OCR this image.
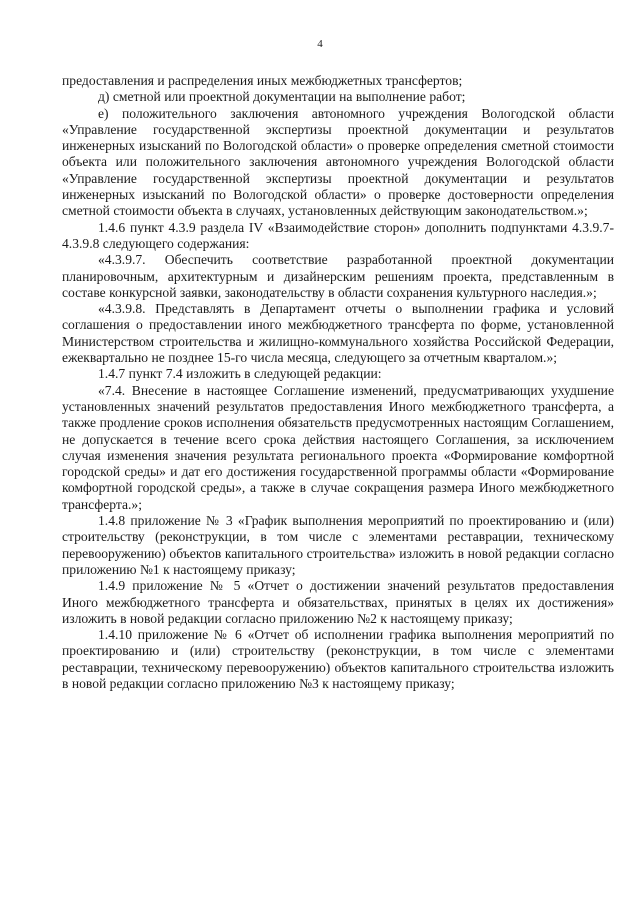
4

предоставления и распределения иных межбюджетных трансфертов;

д) сметной или проектной документации на выполнение работ;

е) положительного заключения автономного учреждения Вологодской области «Управление государственной экспертизы проектной документации и результатов инженерных изысканий по Вологодской области» о проверке определения сметной стоимости объекта или положительного заключения автономного учреждения Вологодской области «Управление государственной экспертизы проектной документации и результатов инженерных изысканий по Вологодской области» о проверке достоверности определения сметной стоимости объекта в случаях, установленных действующим законодательством.»;

1.4.6 пункт 4.3.9 раздела IV «Взаимодействие сторон» дополнить подпунктами 4.3.9.7-4.3.9.8 следующего содержания:

«4.3.9.7. Обеспечить соответствие разработанной проектной документации планировочным, архитектурным и дизайнерским решениям проекта, представленным в составе конкурсной заявки, законодательству в области сохранения культурного наследия.»;

«4.3.9.8. Представлять в Департамент отчеты о выполнении графика и условий соглашения о предоставлении иного межбюджетного трансферта по форме, установленной Министерством строительства и жилищно-коммунального хозяйства Российской Федерации, ежеквартально не позднее 15-го числа месяца, следующего за отчетным кварталом.»;

1.4.7 пункт 7.4 изложить в следующей редакции:

«7.4. Внесение в настоящее Соглашение изменений, предусматривающих ухудшение установленных значений результатов предоставления Иного межбюджетного трансферта, а также продление сроков исполнения обязательств предусмотренных настоящим Соглашением, не допускается в течение всего срока действия настоящего Соглашения, за исключением случая изменения значения результата регионального проекта «Формирование комфортной городской среды» и дат его достижения государственной программы области «Формирование комфортной городской среды», а также в случае сокращения размера Иного межбюджетного трансферта.»;

1.4.8 приложение № 3 «График выполнения мероприятий по проектированию и (или) строительству (реконструкции, в том числе с элементами реставрации, техническому перевооружению) объектов капитального строительства» изложить в новой редакции согласно приложению №1 к настоящему приказу;

1.4.9 приложение № 5 «Отчет о достижении значений результатов предоставления Иного межбюджетного трансферта и обязательствах, принятых в целях их достижения» изложить в новой редакции согласно приложению №2 к настоящему приказу;

1.4.10 приложение № 6 «Отчет об исполнении графика выполнения мероприятий по проектированию и (или) строительству (реконструкции, в том числе с элементами реставрации, техническому перевооружению) объектов капитального строительства изложить в новой редакции согласно приложению №3 к настоящему приказу;
